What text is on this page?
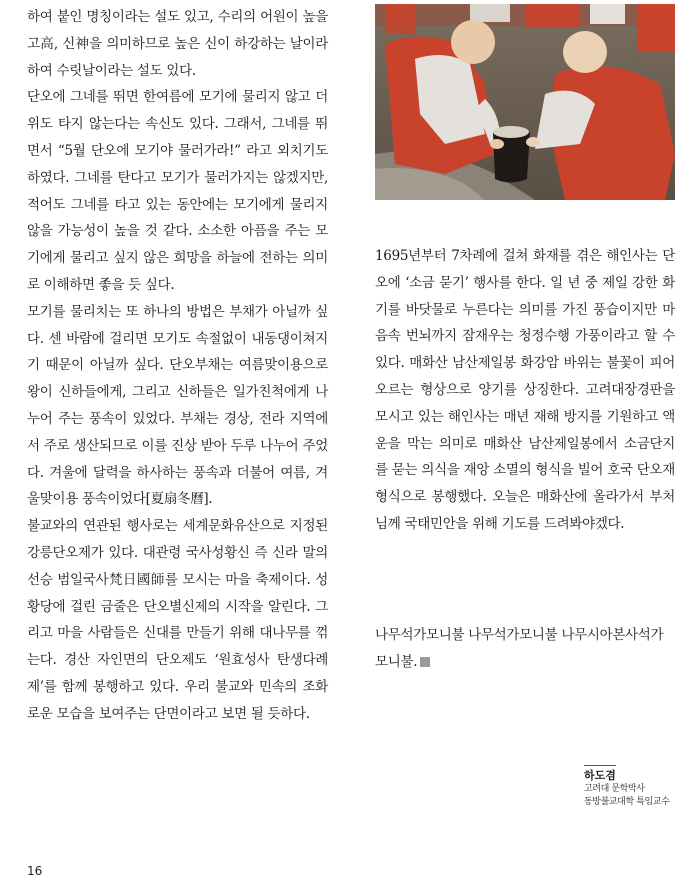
하여 붙인 명칭이라는 설도 있고, 수리의 어원이 높을 고高, 신神을 의미하므로 높은 신이 하강하는 날이라 하여 수릿날이라는 설도 있다.

단오에 그네를 뛰면 한여름에 모기에 물리지 않고 더위도 타지 않는다는 속신도 있다. 그래서, 그네를 뛰면서 “5월 단오에 모기야 물러가라!” 라고 외치기도 하였다. 그네를 탄다고 모기가 물러가지는 않겠지만, 적어도 그네를 타고 있는 동안에는 모기에게 물리지 않을 가능성이 높을 것 같다. 소소한 아픔을 주는 모기에게 물리고 싶지 않은 희망을 하늘에 전하는 의미로 이해하면 좋을 듯 싶다.

모기를 물리치는 또 하나의 방법은 부채가 아닐까 싶다. 센 바람에 걸리면 모기도 속절없이 내동댕이쳐지기 때문이 아닐까 싶다. 단오부채는 여름맞이용으로 왕이 신하들에게, 그리고 신하들은 일가친척에게 나누어 주는 풍속이 있었다. 부채는 경상, 전라 지역에서 주로 생산되므로 이를 진상 받아 두루 나누어 주었다. 겨울에 달력을 하사하는 풍속과 더불어 여름, 겨울맞이용 풍속이었다[夏扇冬曆].

불교와의 연관된 행사로는 세계문화유산으로 지정된 강릉단오제가 있다. 대관령 국사성황신 즉 신라 말의 선승 범일국사梵日國師를 모시는 마을 축제이다. 성황당에 걸린 금줄은 단오별신제의 시작을 알린다. 그리고 마을 사람들은 신대를 만들기 위해 대나무를 꺾는다. 경산 자인면의 단오제도 ‘원효성사 탄생다례제’를 함께 봉행하고 있다. 우리 불교와 민속의 조화로운 모습을 보여주는 단면이라고 보면 될 듯하다.

1695년부터 7차례에 걸쳐 화재를 겪은 해인사는 단오에 ‘소금 묻기’ 행사를 한다. 일 년 중 제일 강한 화기를 바닷물로 누른다는 의미를 가진 풍습이지만 마음속 번뇌까지 잠재우는 청정수행 가풍이라고 할 수 있다. 매화산 남산제일봉 화강암 바위는 불꽃이 피어오르는 형상으로 양기를 상징한다. 고려대장경판을 모시고 있는 해인사는 매년 재해 방지를 기원하고 액운을 막는 의미로 매화산 남산제일봉에서 소금단지를 묻는 의식을 재앙 소멸의 형식을 빌어 호국 단오재 형식으로 봉행했다. 오늘은 매화산에 올라가서 부처님께 국태민안을 위해 기도를 드려봐야겠다.

나무석가모니불 나무석가모니불 나무시아본사석가모니불.
하도겸
고려대 문학박사
동방불교대학 특임교수
16
